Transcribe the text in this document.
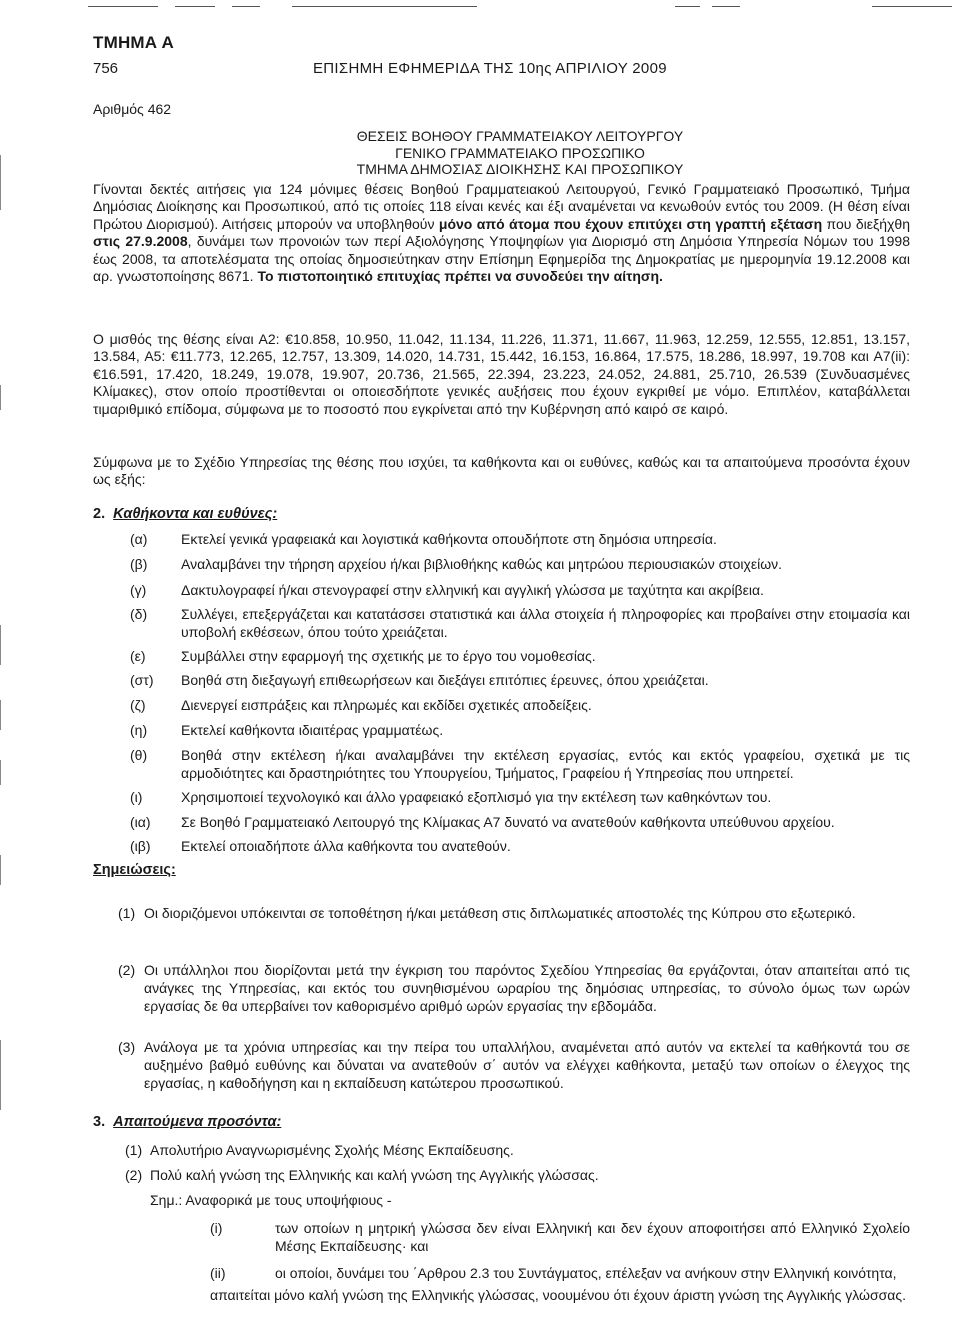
ΤΜΗΜΑ Α
756	ΕΠΙΣΗΜΗ ΕΦΗΜΕΡΙΔΑ ΤΗΣ 10ης ΑΠΡΙΛΙΟΥ 2009
Αριθμός 462
ΘΕΣΕΙΣ ΒΟΗΘΟΥ ΓΡΑΜΜΑΤΕΙΑΚΟΥ ΛΕΙΤΟΥΡΓΟΥ
ΓΕΝΙΚΟ ΓΡΑΜΜΑΤΕΙΑΚΟ ΠΡΟΣΩΠΙΚΟ
ΤΜΗΜΑ ΔΗΜΟΣΙΑΣ ΔΙΟΙΚΗΣΗΣ ΚΑΙ ΠΡΟΣΩΠΙΚΟΥ
Γίνονται δεκτές αιτήσεις για 124 μόνιμες θέσεις Βοηθού Γραμματειακού Λειτουργού, Γενικό Γραμματειακό Προσωπικό, Τμήμα Δημόσιας Διοίκησης και Προσωπικού, από τις οποίες 118 είναι κενές και έξι αναμένεται να κενωθούν εντός του 2009. (Η θέση είναι Πρώτου Διορισμού). Αιτήσεις μπορούν να υποβληθούν μόνο από άτομα που έχουν επιτύχει στη γραπτή εξέταση που διεξήχθη στις 27.9.2008, δυνάμει των προνοιών των περί Αξιολόγησης Υποψηφίων για Διορισμό στη Δημόσια Υπηρεσία Νόμων του 1998 έως 2008, τα αποτελέσματα της οποίας δημοσιεύτηκαν στην Επίσημη Εφημερίδα της Δημοκρατίας με ημερομηνία 19.12.2008 και αρ. γνωστοποίησης 8671. Το πιστοποιητικό επιτυχίας πρέπει να συνοδεύει την αίτηση.
Ο μισθός της θέσης είναι Α2: €10.858, 10.950, 11.042, 11.134, 11.226, 11.371, 11.667, 11.963, 12.259, 12.555, 12.851, 13.157, 13.584, Α5: €11.773, 12.265, 12.757, 13.309, 14.020, 14.731, 15.442, 16.153, 16.864, 17.575, 18.286, 18.997, 19.708 και Α7(ii): €16.591, 17.420, 18.249, 19.078, 19.907, 20.736, 21.565, 22.394, 23.223, 24.052, 24.881, 25.710, 26.539 (Συνδυασμένες Κλίμακες), στον οποίο προστίθενται οι οποιεσδήποτε γενικές αυξήσεις που έχουν εγκριθεί με νόμο. Επιπλέον, καταβάλλεται τιμαριθμικό επίδομα, σύμφωνα με το ποσοστό που εγκρίνεται από την Κυβέρνηση από καιρό σε καιρό.
Σύμφωνα με το Σχέδιο Υπηρεσίας της θέσης που ισχύει, τα καθήκοντα και οι ευθύνες, καθώς και τα απαιτούμενα προσόντα έχουν ως εξής:
2. Καθήκοντα και ευθύνες:
(α)	Εκτελεί γενικά γραφειακά και λογιστικά καθήκοντα οπουδήποτε στη δημόσια υπηρεσία.
(β)	Αναλαμβάνει την τήρηση αρχείου ή/και βιβλιοθήκης καθώς και μητρώου περιουσιακών στοιχείων.
(γ)	Δακτυλογραφεί ή/και στενογραφεί στην ελληνική και αγγλική γλώσσα με ταχύτητα και ακρίβεια.
(δ)	Συλλέγει, επεξεργάζεται και κατατάσσει στατιστικά και άλλα στοιχεία ή πληροφορίες και προβαίνει στην ετοιμασία και υποβολή εκθέσεων, όπου τούτο χρειάζεται.
(ε)	Συμβάλλει στην εφαρμογή της σχετικής με το έργο του νομοθεσίας.
(στ)	Βοηθά στη διεξαγωγή επιθεωρήσεων και διεξάγει επιτόπιες έρευνες, όπου χρειάζεται.
(ζ)	Διενεργεί εισπράξεις και πληρωμές και εκδίδει σχετικές αποδείξεις.
(η)	Εκτελεί καθήκοντα ιδιαιτέρας γραμματέως.
(θ)	Βοηθά στην εκτέλεση ή/και αναλαμβάνει την εκτέλεση εργασίας, εντός και εκτός γραφείου, σχετικά με τις αρμοδιότητες και δραστηριότητες του Υπουργείου, Τμήματος, Γραφείου ή Υπηρεσίας που υπηρετεί.
(ι)	Χρησιμοποιεί τεχνολογικό και άλλο γραφειακό εξοπλισμό για την εκτέλεση των καθηκόντων του.
(ια)	Σε Βοηθό Γραμματειακό Λειτουργό της Κλίμακας Α7 δυνατό να ανατεθούν καθήκοντα υπεύθυνου αρχείου.
(ιβ)	Εκτελεί οποιαδήποτε άλλα καθήκοντα του ανατεθούν.
Σημειώσεις:
(1) Οι διοριζόμενοι υπόκεινται σε τοποθέτηση ή/και μετάθεση στις διπλωματικές αποστολές της Κύπρου στο εξωτερικό.
(2) Οι υπάλληλοι που διορίζονται μετά την έγκριση του παρόντος Σχεδίου Υπηρεσίας θα εργάζονται, όταν απαιτείται από τις ανάγκες της Υπηρεσίας, και εκτός του συνηθισμένου ωραρίου της δημόσιας υπηρεσίας, το σύνολο όμως των ωρών εργασίας δε θα υπερβαίνει τον καθορισμένο αριθμό ωρών εργασίας την εβδομάδα.
(3) Ανάλογα με τα χρόνια υπηρεσίας και την πείρα του υπαλλήλου, αναμένεται από αυτόν να εκτελεί τα καθήκοντά του σε αυξημένο βαθμό ευθύνης και δύναται να ανατεθούν σ΄ αυτόν να ελέγχει καθήκοντα, μεταξύ των οποίων ο έλεγχος της εργασίας, η καθοδήγηση και η εκπαίδευση κατώτερου προσωπικού.
3. Απαιτούμενα προσόντα:
(1) Απολυτήριο Αναγνωρισμένης Σχολής Μέσης Εκπαίδευσης.
(2) Πολύ καλή γνώση της Ελληνικής και καλή γνώση της Αγγλικής γλώσσας.
Σημ.: Αναφορικά με τους υποψήφιους -
(i)	των οποίων η μητρική γλώσσα δεν είναι Ελληνική και δεν έχουν αποφοιτήσει από Ελληνικό Σχολείο Μέσης Εκπαίδευσης· και
(ii)	οι οποίοι, δυνάμει του ΄Αρθρου 2.3 του Συντάγματος, επέλεξαν να ανήκουν στην Ελληνική κοινότητα,
απαιτείται μόνο καλή γνώση της Ελληνικής γλώσσας, νοουμένου ότι έχουν άριστη γνώση της Αγγλικής γλώσσας.
